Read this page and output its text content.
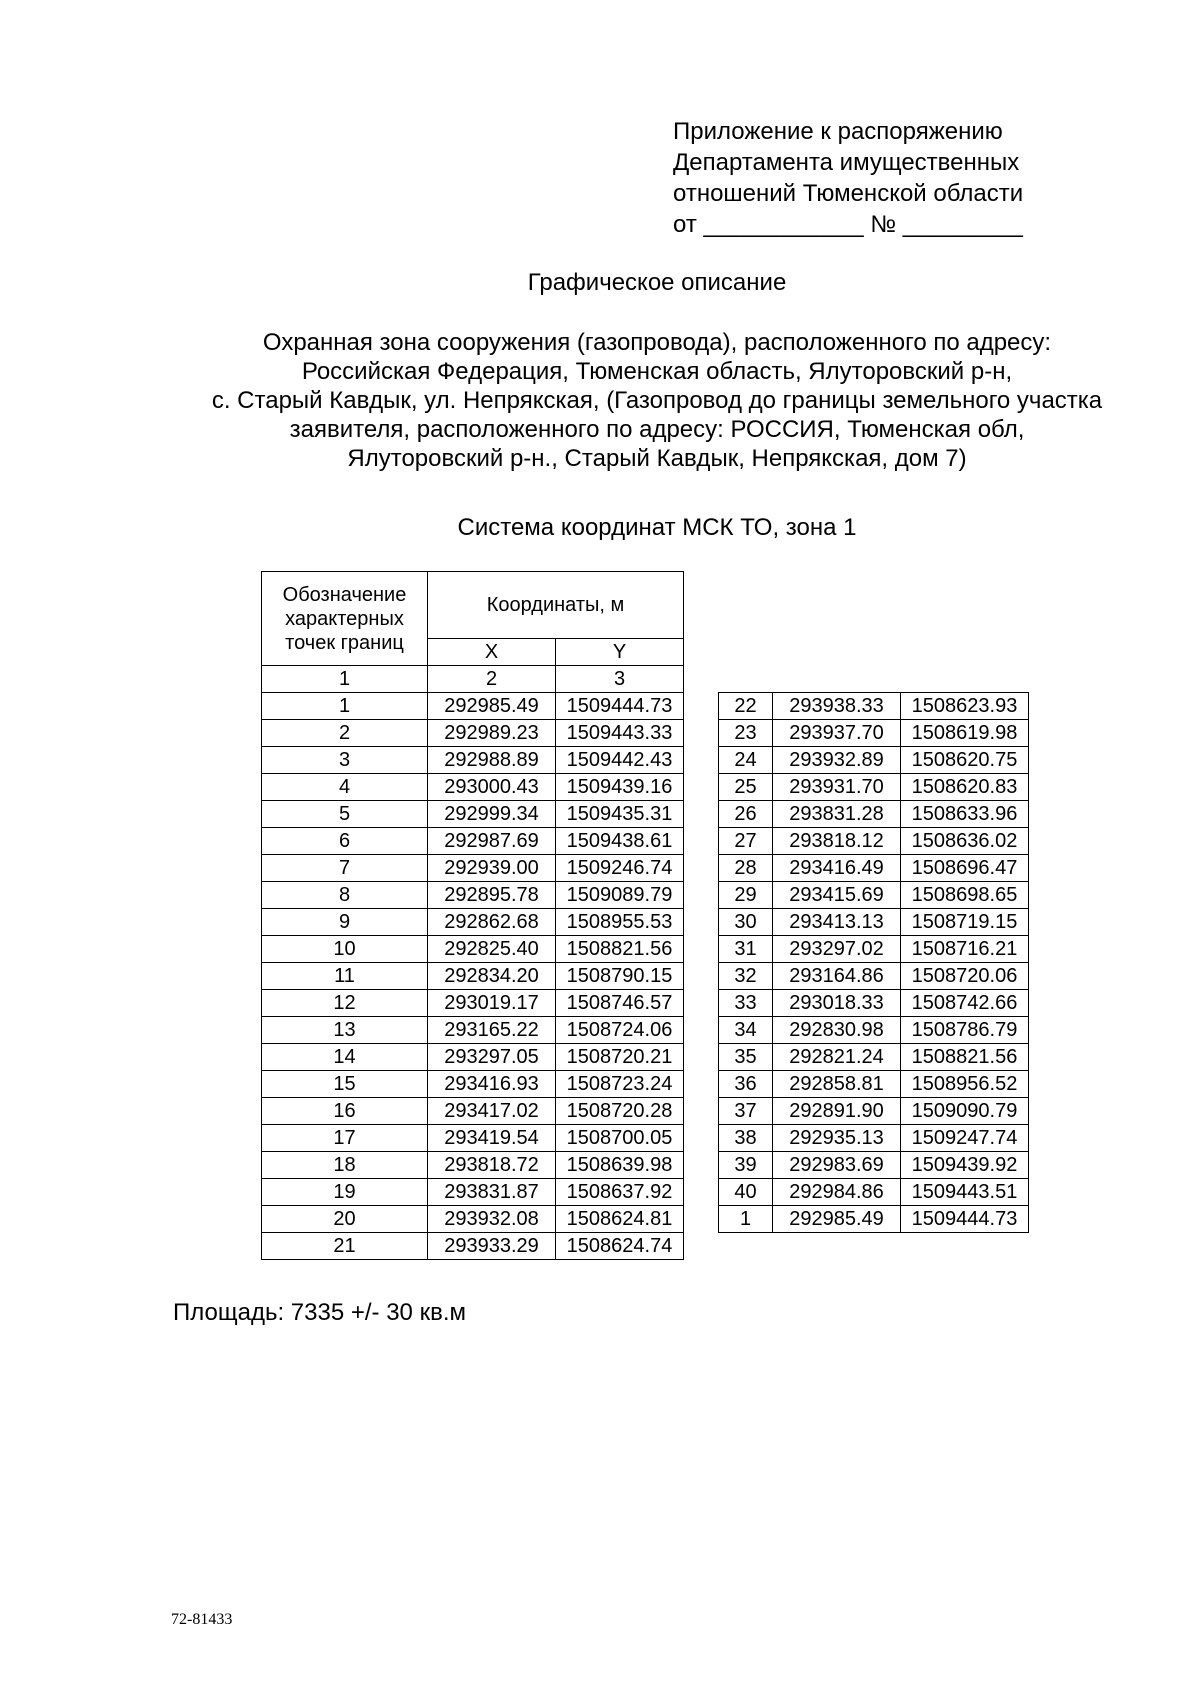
Приложение к распоряжению
Департамента имущественных
отношений Тюменской области
от ____________ № _________
Графическое описание
Охранная зона сооружения (газопровода), расположенного по адресу:
Российская Федерация, Тюменская область, Ялуторовский р-н,
с. Старый Кавдык, ул. Непрякская, (Газопровод до границы земельного участка
заявителя, расположенного по адресу: РОССИЯ, Тюменская обл,
Ялуторовский р-н., Старый Кавдык, Непрякская, дом 7)
Система координат МСК ТО, зона 1
Обозначение характерных точек границ	Координаты, м	
	X	Y
1	2	3
1	292985.49	1509444.73
2	292989.23	1509443.33
3	292988.89	1509442.43
4	293000.43	1509439.16
5	292999.34	1509435.31
6	292987.69	1509438.61
7	292939.00	1509246.74
8	292895.78	1509089.79
9	292862.68	1508955.53
10	292825.40	1508821.56
11	292834.20	1508790.15
12	293019.17	1508746.57
13	293165.22	1508724.06
14	293297.05	1508720.21
15	293416.93	1508723.24
16	293417.02	1508720.28
17	293419.54	1508700.05
18	293818.72	1508639.98
19	293831.87	1508637.92
20	293932.08	1508624.81
21	293933.29	1508624.74
22	293938.33	1508623.93
23	293937.70	1508619.98
24	293932.89	1508620.75
25	293931.70	1508620.83
26	293831.28	1508633.96
27	293818.12	1508636.02
28	293416.49	1508696.47
29	293415.69	1508698.65
30	293413.13	1508719.15
31	293297.02	1508716.21
32	293164.86	1508720.06
33	293018.33	1508742.66
34	292830.98	1508786.79
35	292821.24	1508821.56
36	292858.81	1508956.52
37	292891.90	1509090.79
38	292935.13	1509247.74
39	292983.69	1509439.92
40	292984.86	1509443.51
1	292985.49	1509444.73
Площадь: 7335 +/- 30 кв.м
72-81433
